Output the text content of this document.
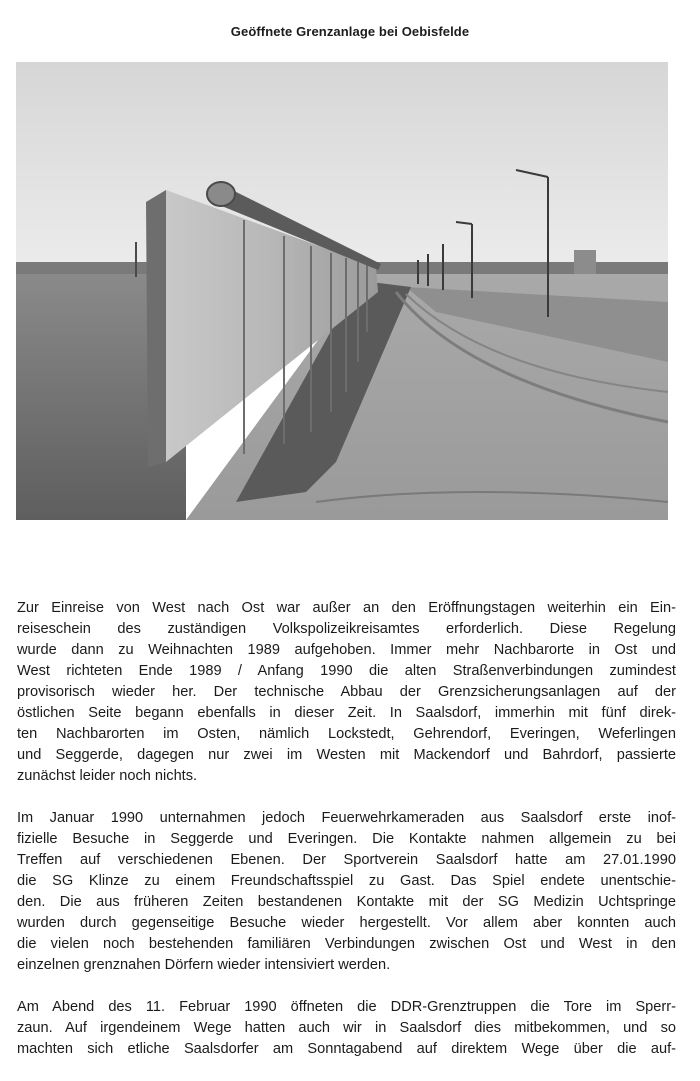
Geöffnete Grenzanlage bei Oebisfelde

Zur Einreise von West nach Ost war außer an den Eröffnungstagen weiterhin ein Ein-
reiseschein des zuständigen Volkspolizeikreisamtes erforderlich. Diese Regelung
wurde dann zu Weihnachten 1989 aufgehoben. Immer mehr Nachbarorte in Ost und
West richteten Ende 1989 / Anfang 1990 die alten Straßenverbindungen zumindest
provisorisch wieder her. Der technische Abbau der Grenzsicherungsanlagen auf der
östlichen Seite begann ebenfalls in dieser Zeit. In Saalsdorf, immerhin mit fünf direk-
ten Nachbarorten im Osten, nämlich Lockstedt, Gehrendorf, Everingen, Weferlingen
und Seggerde, dagegen nur zwei im Westen mit Mackendorf und Bahrdorf, passierte
zunächst leider noch nichts.

Im Januar 1990 unternahmen jedoch Feuerwehrkameraden aus Saalsdorf erste inof-
fizielle Besuche in Seggerde und Everingen. Die Kontakte nahmen allgemein zu bei
Treffen auf verschiedenen Ebenen. Der Sportverein Saalsdorf hatte am 27.01.1990
die SG Klinze zu einem Freundschaftsspiel zu Gast. Das Spiel endete unentschie-
den. Die aus früheren Zeiten bestandenen Kontakte mit der SG Medizin Uchtspringe
wurden durch gegenseitige Besuche wieder hergestellt. Vor allem aber konnten auch
die vielen noch bestehenden familiären Verbindungen zwischen Ost und West in den
einzelnen grenznahen Dörfern wieder intensiviert werden.

Am Abend des 11. Februar 1990 öffneten die DDR-Grenztruppen die Tore im Sperr-
zaun. Auf irgendeinem Wege hatten auch wir in Saalsdorf dies mitbekommen, und so
machten sich etliche Saalsdorfer am Sonntagabend auf direktem Wege über die auf-
